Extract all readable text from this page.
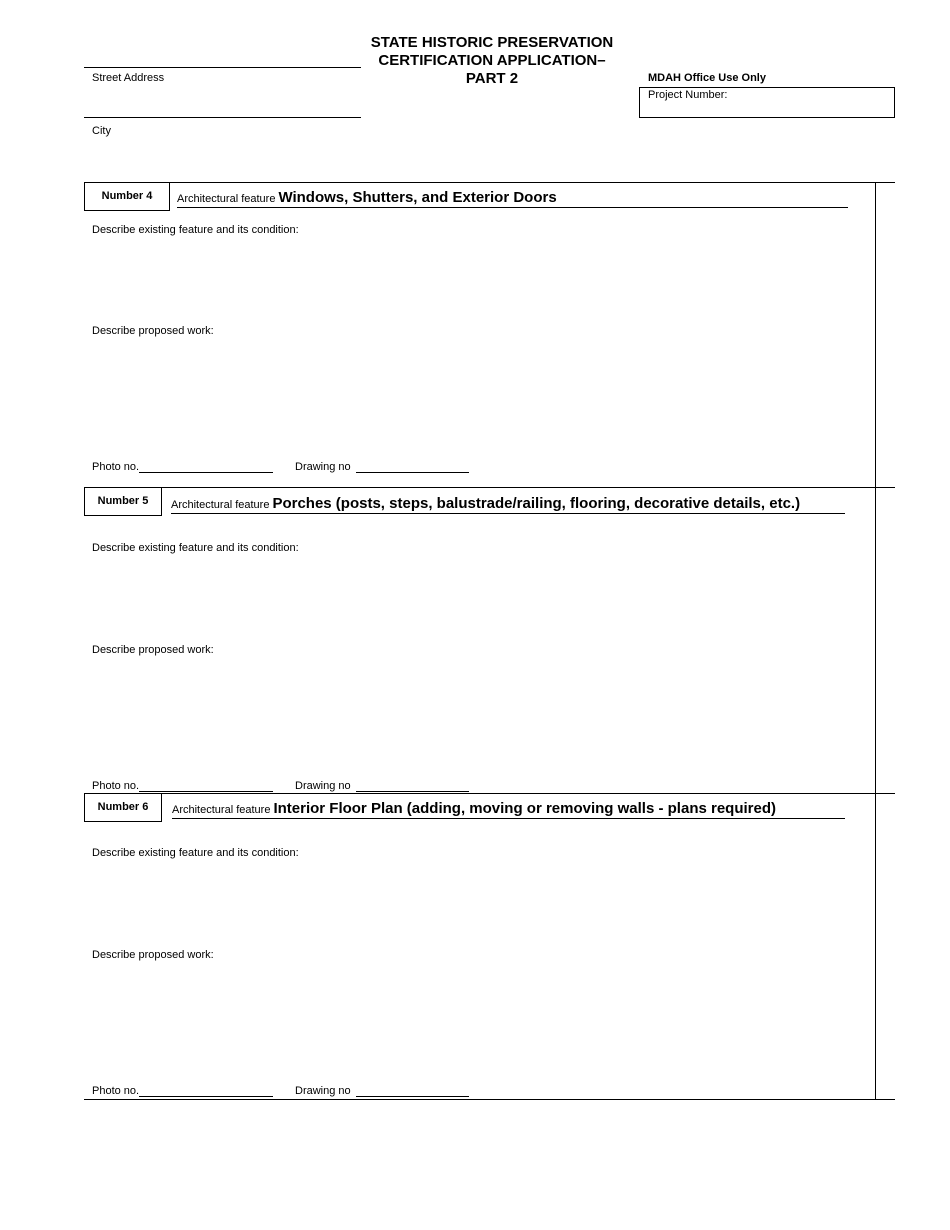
STATE HISTORIC PRESERVATION
CERTIFICATION APPLICATION–
PART 2
Street Address
City
MDAH Office Use Only
Project Number:
Number 4	Architectural feature Windows, Shutters, and Exterior Doors
Describe existing feature and its condition:
Describe proposed work:
Photo no.	Drawing no
Number 5	Architectural feature Porches (posts, steps, balustrade/railing, flooring, decorative details, etc.)
Describe existing feature and its condition:
Describe proposed work:
Photo no.	Drawing no
Number 6	Architectural feature Interior Floor Plan (adding, moving or removing walls - plans required)
Describe existing feature and its condition:
Describe proposed work:
Photo no.	Drawing no
